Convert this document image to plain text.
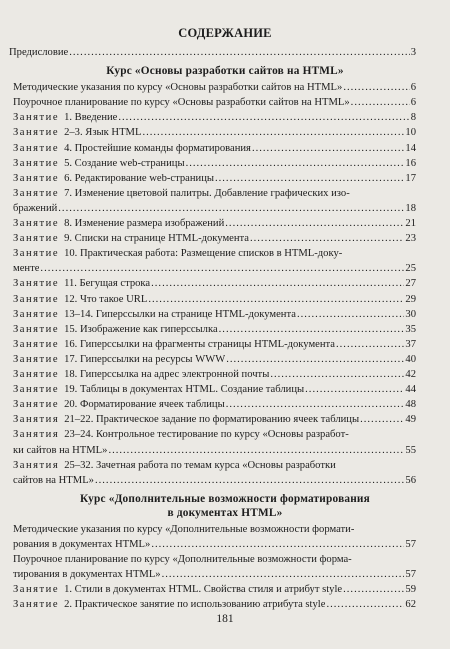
СОДЕРЖАНИЕ
Предисловие .....	3
Курс «Основы разработки сайтов на HTML»
Методические указания по курсу «Основы разработки сайтов на HTML» .....	6
Поурочное планирование по курсу «Основы разработки сайтов на HTML» .....	6
Занятие 1. Введение .....	8
Занятие 2–3. Язык HTML .....	10
Занятие 4. Простейшие команды форматирования .....	14
Занятие 5. Создание web-страницы .....	16
Занятие 6. Редактирование web-страницы .....	17
Занятие 7. Изменение цветовой палитры. Добавление графических изо-
бражений .....	18
Занятие 8. Изменение размера изображений .....	21
Занятие 9. Списки на странице HTML-документа .....	23
Занятие 10. Практическая работа: Размещение списков в HTML-доку-
менте .....	25
Занятие 11. Бегущая строка .....	27
Занятие 12. Что такое URL .....	29
Занятие 13–14. Гиперссылки на странице HTML-документа .....	30
Занятие 15. Изображение как гиперссылка .....	35
Занятие 16. Гиперссылки на фрагменты страницы HTML-документа .....	37
Занятие 17. Гиперссылки на ресурсы WWW .....	40
Занятие 18. Гиперссылка на адрес электронной почты .....	42
Занятие 19. Таблицы в документах HTML. Создание таблицы .....	44
Занятие 20. Форматирование ячеек таблицы .....	48
Занятия 21–22. Практическое задание по форматированию ячеек таблицы .....	49
Занятия 23–24. Контрольное тестирование по курсу «Основы разработ-
ки сайтов на HTML» .....	55
Занятия 25–32. Зачетная работа по темам курса «Основы разработки
сайтов на HTML» .....	56
Курс «Дополнительные возможности форматирования
в документах HTML»
Методические указания по курсу «Дополнительные возможности формати-
рования в документах HTML» .....	57
Поурочное планирование по курсу «Дополнительные возможности форма-
тирования в документах HTML» .....	57
Занятие 1. Стили в документах HTML. Свойства стиля и атрибут style .....	59
Занятие 2. Практическое занятие по использованию атрибута style .....	62
181
